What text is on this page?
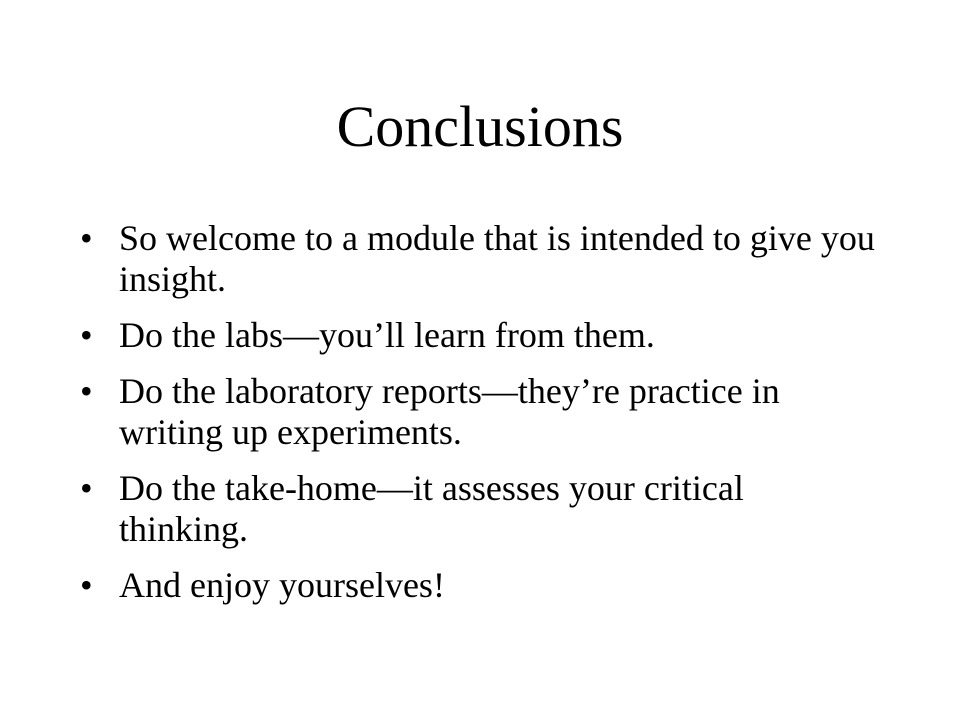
Conclusions
• So welcome to a module that is intended to give you insight.
• Do the labs—you’ll learn from them.
• Do the laboratory reports—they’re practice in writing up experiments.
• Do the take-home—it assesses your critical thinking.
• And enjoy yourselves!
